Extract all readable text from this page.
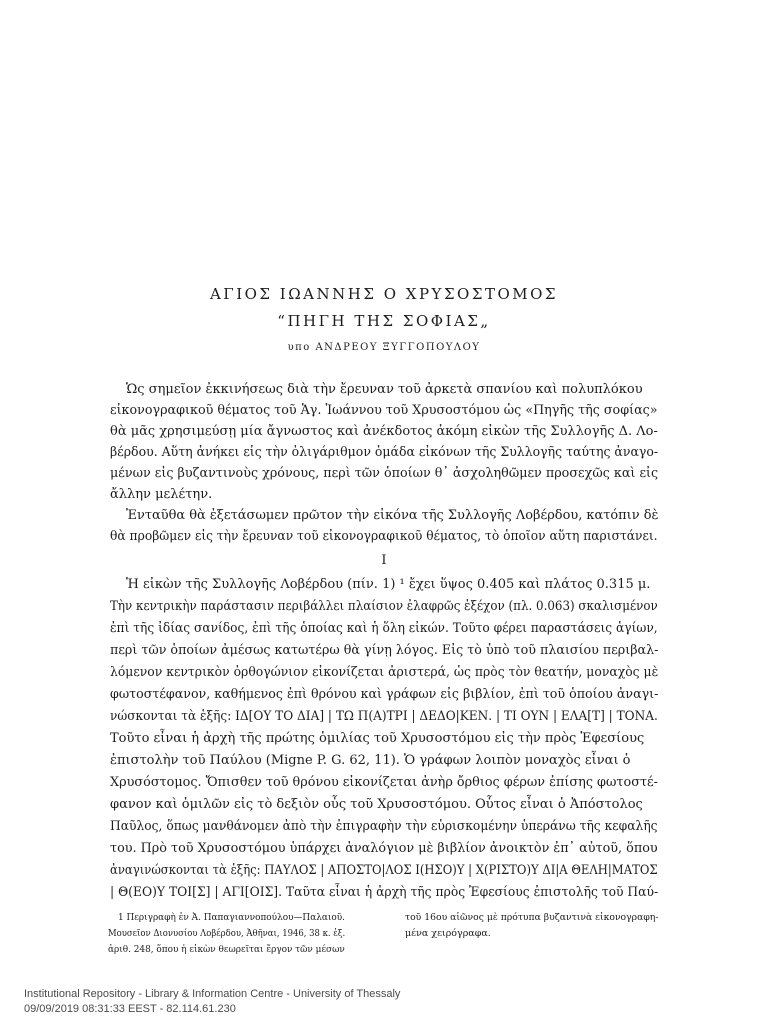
ΑΓΙΟΣ ΙΩΑΝΝΗΣ Ο ΧΡΥΣΟΣΤΟΜΟΣ
“ΠΗΓΗ ΤΗΣ ΣΟΦΙΑΣ„
υπο ΑΝΔΡΕΟΥ ΞΥΓΓΟΠΟΥΛΟΥ
Ὡς σημεῖον ἐκκινήσεως διὰ τὴν ἔρευναν τοῦ ἀρκετὰ σπανίου καὶ πολυπλόκου
εἰκονογραφικοῦ θέματος τοῦ Ἁγ. Ἰωάννου τοῦ Χρυσοστόμου ὡς «Πηγῆς τῆς σοφίας»
θὰ μᾶς χρησιμεύσῃ μία ἄγνωστος καὶ ἀνέκδοτος ἀκόμη εἰκὼν τῆς Συλλογῆς Δ. Λο-
βέρδου. Αὕτη ἀνήκει εἰς τὴν ὀλιγάριθμον ὁμάδα εἰκόνων τῆς Συλλογῆς ταύτης ἀναγο-
μένων εἰς βυζαντινοὺς χρόνους, περὶ τῶν ὁποίων θ᾽ ἀσχοληθῶμεν προσεχῶς καὶ εἰς
ἄλλην μελέτην.
Ἐνταῦθα θὰ ἐξετάσωμεν πρῶτον τὴν εἰκόνα τῆς Συλλογῆς Λοβέρδου, κατόπιν δὲ
θὰ προβῶμεν εἰς τὴν ἔρευναν τοῦ εἰκονογραφικοῦ θέματος, τὸ ὁποῖον αὕτη παριστάνει.
I
Ἡ εἰκὼν τῆς Συλλογῆς Λοβέρδου (πίν. 1) ¹ ἔχει ὕψος 0.405 καὶ πλάτος 0.315 μ.
Τὴν κεντρικὴν παράστασιν περιβάλλει πλαίσιον ἐλαφρῶς ἐξέχον (πλ. 0.063) σκαλισμένον
ἐπὶ τῆς ἰδίας σανίδος, ἐπὶ τῆς ὁποίας καὶ ἡ ὅλη εἰκών. Τοῦτο φέρει παραστάσεις ἁγίων,
περὶ τῶν ὁποίων ἀμέσως κατωτέρω θὰ γίνῃ λόγος. Εἰς τὸ ὑπὸ τοῦ πλαισίου περιβαλ-
λόμενον κεντρικὸν ὀρθογώνιον εἰκονίζεται ἀριστερά, ὡς πρὸς τὸν θεατήν, μοναχὸς μὲ
φωτοστέφανον, καθήμενος ἐπὶ θρόνου καὶ γράφων εἰς βιβλίον, ἐπὶ τοῦ ὁποίου ἀναγι-
νώσκονται τὰ ἑξῆς: ΙΔ[ΟΥ ΤΟ ΔΙΑ] | ΤΩ Π(Α)ΤΡΙ | ΔΕΔΟ|ΚΕΝ. | ΤΙ ΟΥΝ | ΕΛΑ[Τ] | ΤΟΝΑ.
Τοῦτο εἶναι ἡ ἀρχὴ τῆς πρώτης ὁμιλίας τοῦ Χρυσοστόμου εἰς τὴν πρὸς Ἐφεσίους
ἐπιστολὴν τοῦ Παύλου (Migne P. G. 62, 11). Ὁ γράφων λοιπὸν μοναχὸς εἶναι ὁ
Χρυσόστομος. Ὄπισθεν τοῦ θρόνου εἰκονίζεται ἀνὴρ ὄρθιος φέρων ἐπίσης φωτοστέ-
φανον καὶ ὁμιλῶν εἰς τὸ δεξιὸν οὖς τοῦ Χρυσοστόμου. Οὗτος εἶναι ὁ Ἀπόστολος
Παῦλος, ὅπως μανθάνομεν ἀπὸ τὴν ἐπιγραφὴν τὴν εὑρισκομένην ὑπεράνω τῆς κεφαλῆς
του. Πρὸ τοῦ Χρυσοστόμου ὑπάρχει ἀναλόγιον μὲ βιβλίον ἀνοικτὸν ἐπ᾽ αὐτοῦ, ὅπου
ἀναγινώσκονται τὰ ἑξῆς: ΠΑΥΛΟΣ | ΑΠΟΣΤΟ|ΛΟΣ Ι(ΗΣΟ)Υ | Χ(ΡΙΣΤΟ)Υ ΔΙ|Α ΘΕΛΗ|ΜΑΤΟΣ
| Θ(ΕΟ)Υ ΤΟΙ[Σ] | ΑΓΙ[ΟΙΣ]. Ταῦτα εἶναι ἡ ἀρχὴ τῆς πρὸς Ἐφεσίους ἐπιστολῆς τοῦ Παύ-
1 Περιγραφὴ ἐν Ἀ. Παπαγιαννοπούλου—Παλαιοῦ.
Μουσεῖον Διονυσίου Λοβέρδου, Ἀθῆναι, 1946, 38 κ. ἑξ.
ἀριθ. 248, ὅπου ἡ εἰκὼν θεωρεῖται ἔργον τῶν μέσων
τοῦ 16ου αἰῶνος μὲ πρότυπα βυζαντινὰ εἰκονογραφη-
μένα χειρόγραφα.
Institutional Repository - Library & Information Centre - University of Thessaly
09/09/2019 08:31:33 EEST - 82.114.61.230
